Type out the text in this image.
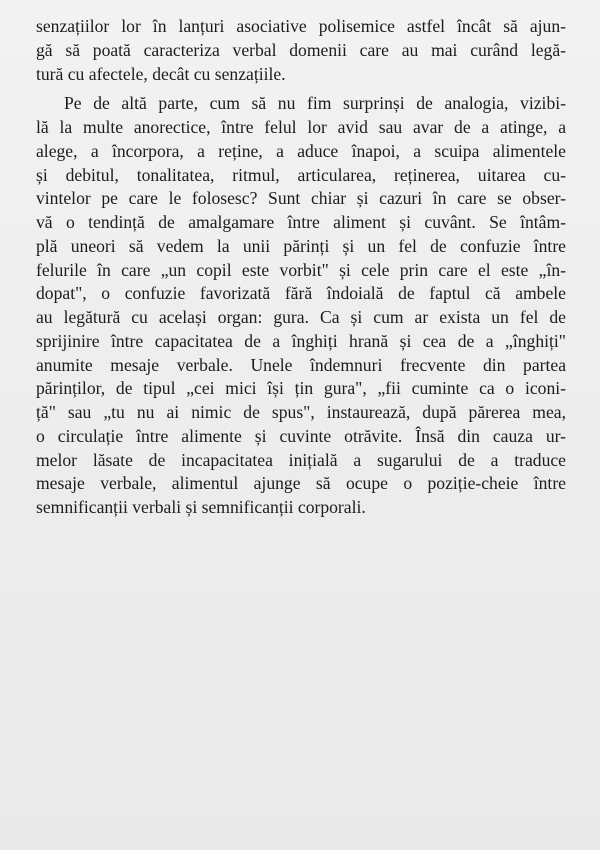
senzațiilor lor în lanțuri asociative polisemice astfel încât să ajun-
gă să poată caracteriza verbal domenii care au mai curând legă-
tură cu afectele, decât cu senzațiile.
Pe de altă parte, cum să nu fim surprinși de analogia, vizibi-
lă la multe anorectice, între felul lor avid sau avar de a atinge, a
alege, a încorpora, a reține, a aduce înapoi, a scuipa alimentele
și debitul, tonalitatea, ritmul, articularea, reținerea, uitarea cu-
vintelor pe care le folosesc? Sunt chiar și cazuri în care se obser-
vă o tendință de amalgamare între aliment și cuvânt. Se întâm-
plă uneori să vedem la unii părinți și un fel de confuzie între
felurile în care „un copil este vorbit" și cele prin care el este „în-
dopat", o confuzie favorizată fără îndoială de faptul că ambele
au legătură cu același organ: gura. Ca și cum ar exista un fel de
sprijinire între capacitatea de a înghiți hrană și cea de a „înghiți"
anumite mesaje verbale. Unele îndemnuri frecvente din partea
părinților, de tipul „cei mici își țin gura", „fii cuminte ca o iconi-
ță" sau „tu nu ai nimic de spus", instaurează, după părerea mea,
o circulație între alimente și cuvinte otrăvite. Însă din cauza ur-
melor lăsate de incapacitatea inițială a sugarului de a traduce
mesaje verbale, alimentul ajunge să ocupe o poziție-cheie între
semnificanții verbali și semnificanții corporali.
